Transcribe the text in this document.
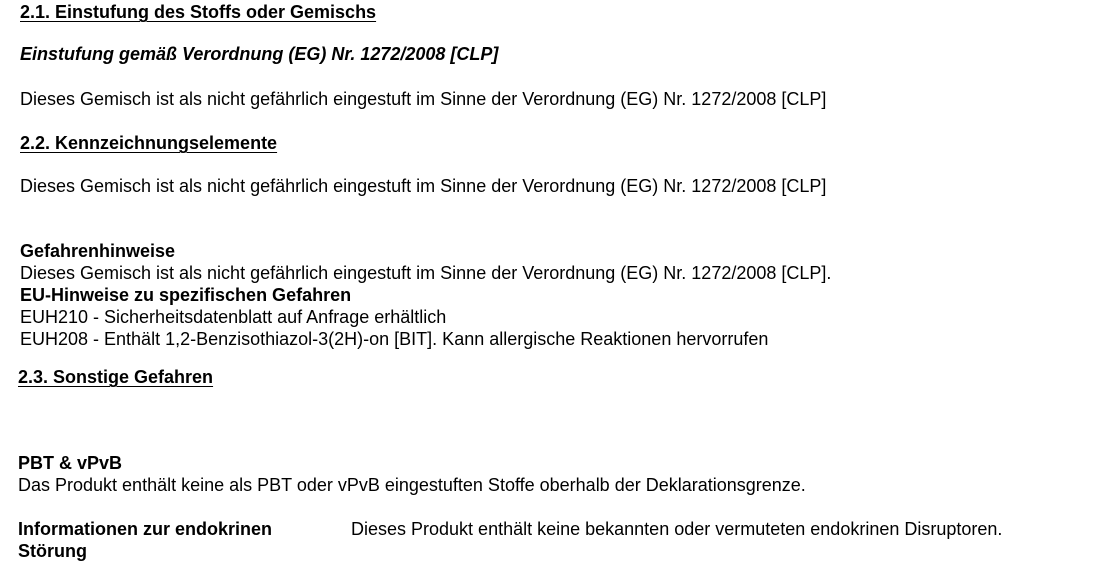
2.1. Einstufung des Stoffs oder Gemischs
Einstufung gemäß Verordnung (EG) Nr. 1272/2008 [CLP]
Dieses Gemisch ist als nicht gefährlich eingestuft im Sinne der Verordnung (EG) Nr. 1272/2008 [CLP]
2.2. Kennzeichnungselemente
Dieses Gemisch ist als nicht gefährlich eingestuft im Sinne der Verordnung (EG) Nr. 1272/2008 [CLP]
Gefahrenhinweise
Dieses Gemisch ist als nicht gefährlich eingestuft im Sinne der Verordnung (EG) Nr. 1272/2008 [CLP].
EU-Hinweise zu spezifischen Gefahren
EUH210 - Sicherheitsdatenblatt auf Anfrage erhältlich
EUH208 - Enthält 1,2-Benzisothiazol-3(2H)-on [BIT]. Kann allergische Reaktionen hervorrufen
2.3. Sonstige Gefahren
PBT & vPvB
Das Produkt enthält keine als PBT oder vPvB eingestuften Stoffe oberhalb der Deklarationsgrenze.
Informationen zur endokrinen Störung
Dieses Produkt enthält keine bekannten oder vermuteten endokrinen Disruptoren.
